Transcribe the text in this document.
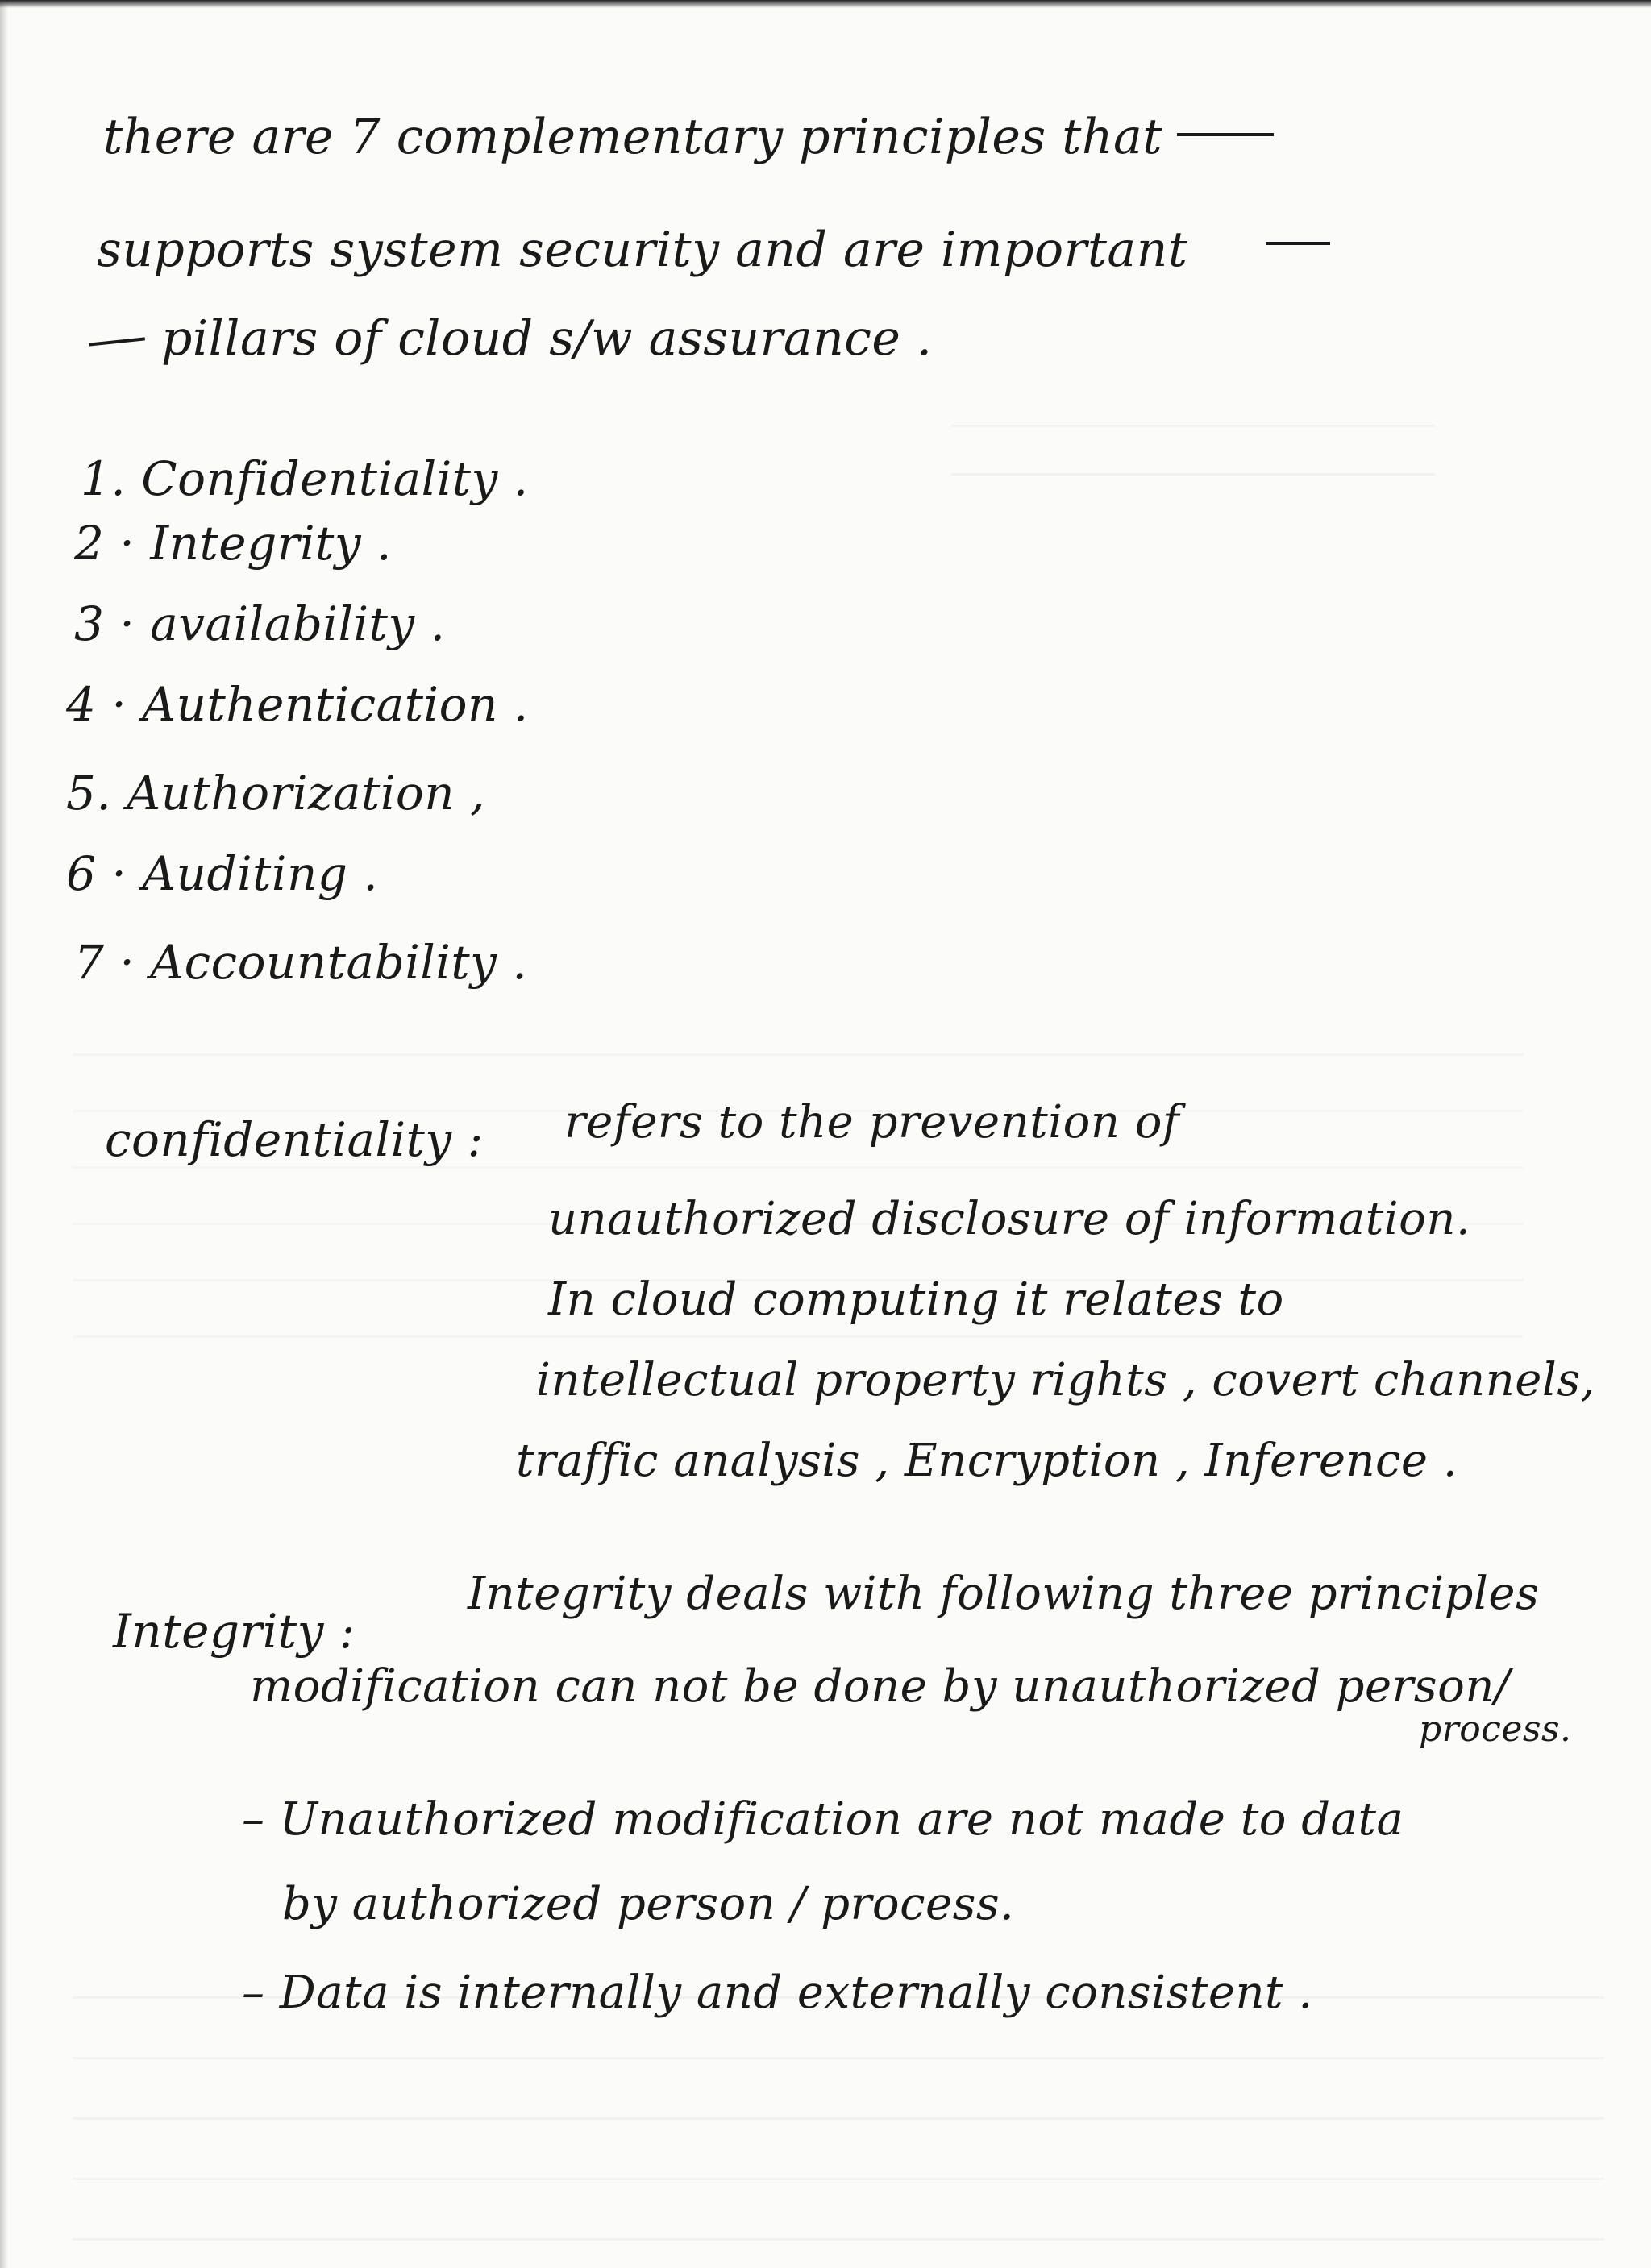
there are 7 complementary principles that
supports system security and are important
pillars of cloud s/w assurance .
1. Confidentiality .
2 · Integrity .
3 · availability .
4 · Authentication .
5. Authorization ,
6 · Auditing .
7 · Accountability .
confidentiality : refers to the prevention of
unauthorized disclosure of information.
In cloud computing it relates to
intellectual property rights , covert channels,
traffic analysis , Encryption , Inference .
Integrity :
Integrity deals with following three principles
modification can not be done by unauthorized person/
process.
– Unauthorized modification are not made to data
by authorized person / process.
– Data is internally and externally consistent .
